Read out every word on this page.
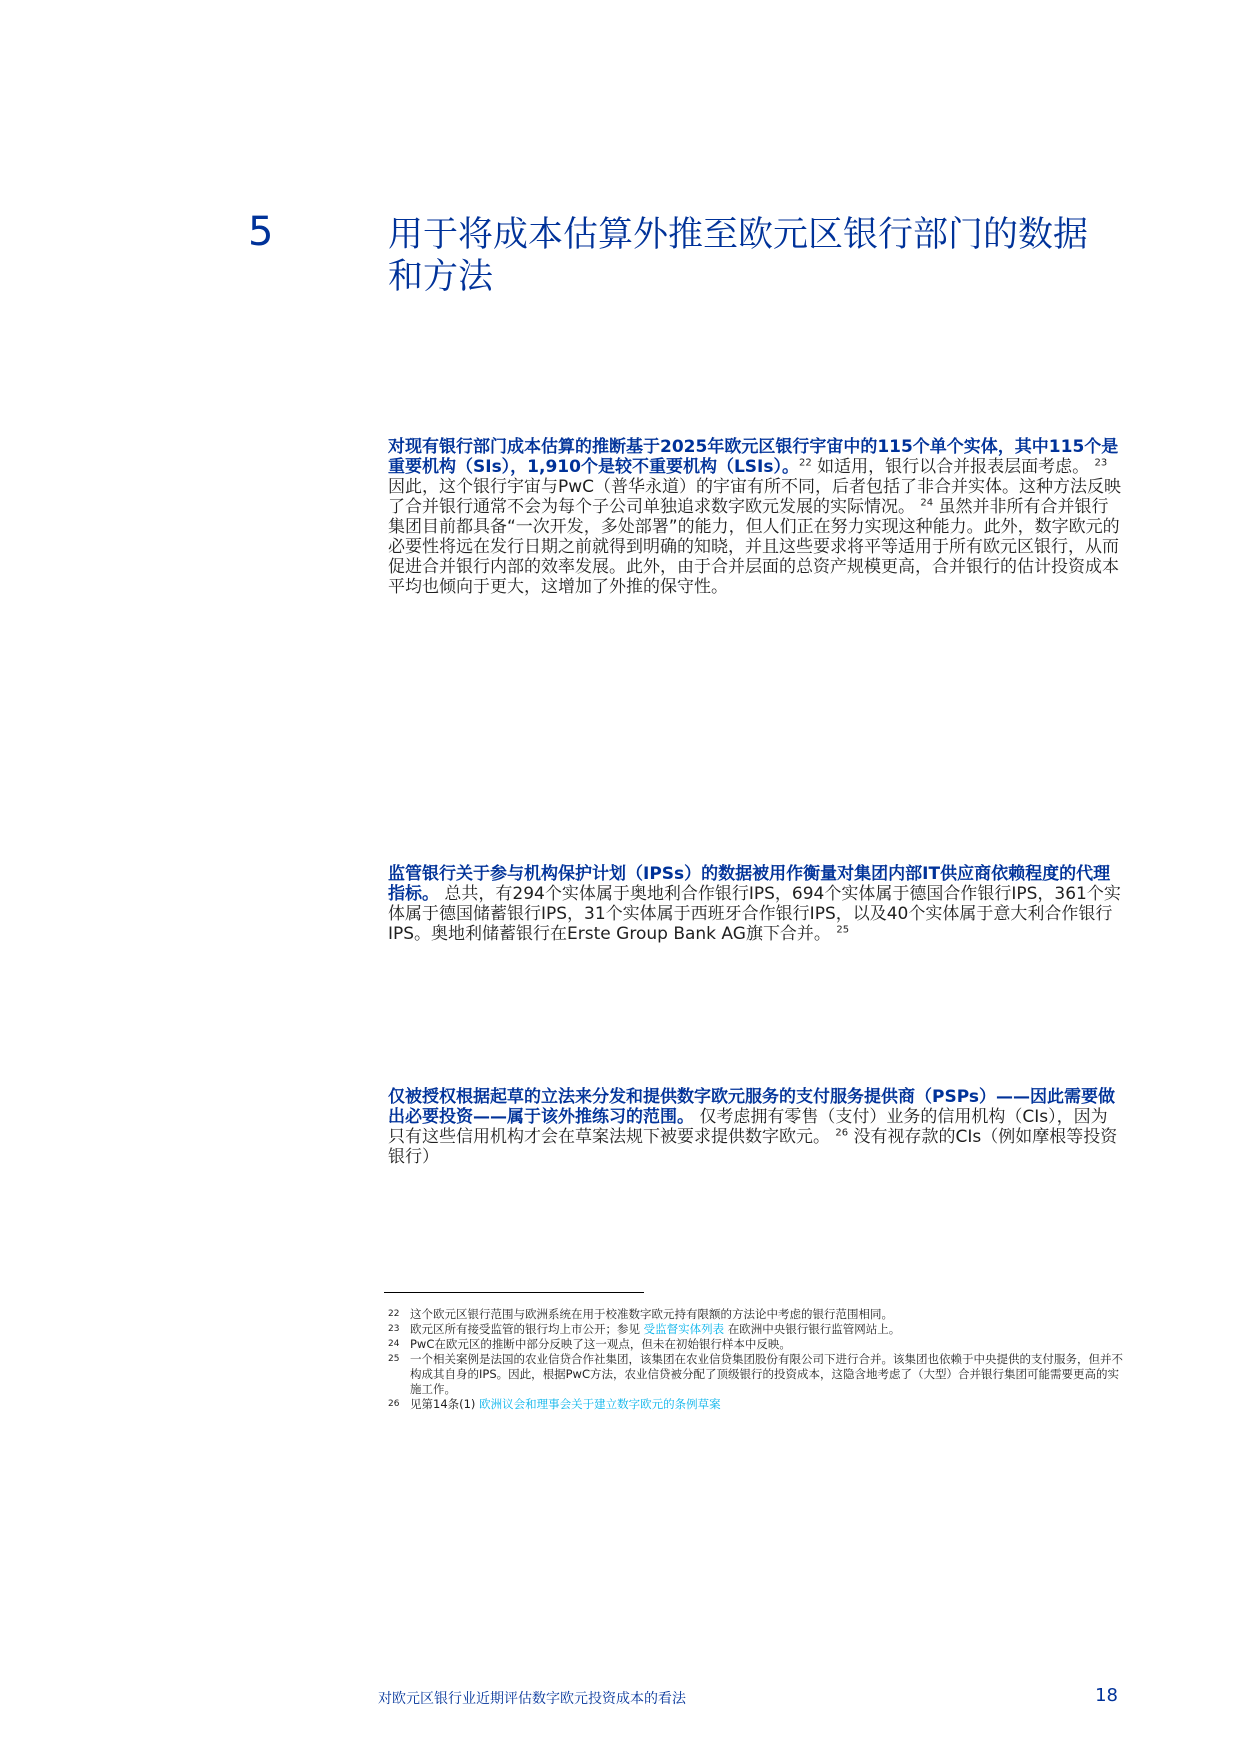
5	用于将成本估算外推至欧元区银行部门的数据和方法
对现有银行部门成本估算的推断基于2025年欧元区银行宇宙中的115个单个实体，其中115个是重要机构（SIs），1,910个是较不重要机构（LSIs）。$^{22}$ 如适用，银行以合并报表层面考虑。 $^{23}$ 因此，这个银行宇宙与PwC（普华永道）的宇宙有所不同，后者包括了非合并实体。这种方法反映了合并银行通常不会为每个子公司单独追求数字欧元发展的实际情况。 $^{24}$ 虽然并非所有合并银行集团目前都具备“一次开发，多处部署”的能力，但人们正在努力实现这种能力。此外，数字欧元的必要性将远在发行日期之前就得到明确的知晓，并且这些要求将平等适用于所有欧元区银行，从而促进合并银行内部的效率发展。此外，由于合并层面的总资产规模更高，合并银行的估计投资成本平均也倾向于更大，这增加了外推的保守性。
监管银行关于参与机构保护计划（IPSs）的数据被用作衡量对集团内部IT供应商依赖程度的代理指标。 总共，有294个实体属于奥地利合作银行IPS，694个实体属于德国合作银行IPS，361个实体属于德国储蓄银行IPS，31个实体属于西班牙合作银行IPS，以及40个实体属于意大利合作银行IPS。奥地利储蓄银行在Erste Group Bank AG旗下合并。 $^{25}$
仅被授权根据起草的立法来分发和提供数字欧元服务的支付服务提供商（PSPs）——因此需要做出必要投资——属于该外推练习的范围。 仅考虑拥有零售（支付）业务的信用机构（CIs），因为只有这些信用机构才会在草案法规下被要求提供数字欧元。 $^{26}$ 没有视存款的CIs（例如摩根等投资银行）

22 这个欧元区银行范围与欧洲系统在用于校准数字欧元持有限额的方法论中考虑的银行范围相同。

23 欧元区所有接受监管的银行均上市公开；参见 受监督实体列表 在欧洲中央银行银行监管网站上。

24 PwC在欧元区的推断中部分反映了这一观点，但未在初始银行样本中反映。

25 一个相关案例是法国的农业信贷合作社集团，该集团在农业信贷集团股份有限公司下进行合并。该集团也依赖于中央提供的支付服务，但并不构成其自身的IPS。因此，根据PwC方法，农业信贷被分配了顶级银行的投资成本，这隐含地考虑了（大型）合并银行集团可能需要更高的实施工作。

26 见第14条(1) 欧洲议会和理事会关于建立数字欧元的条例草案

对欧元区银行业近期评估数字欧元投资成本的看法	18
